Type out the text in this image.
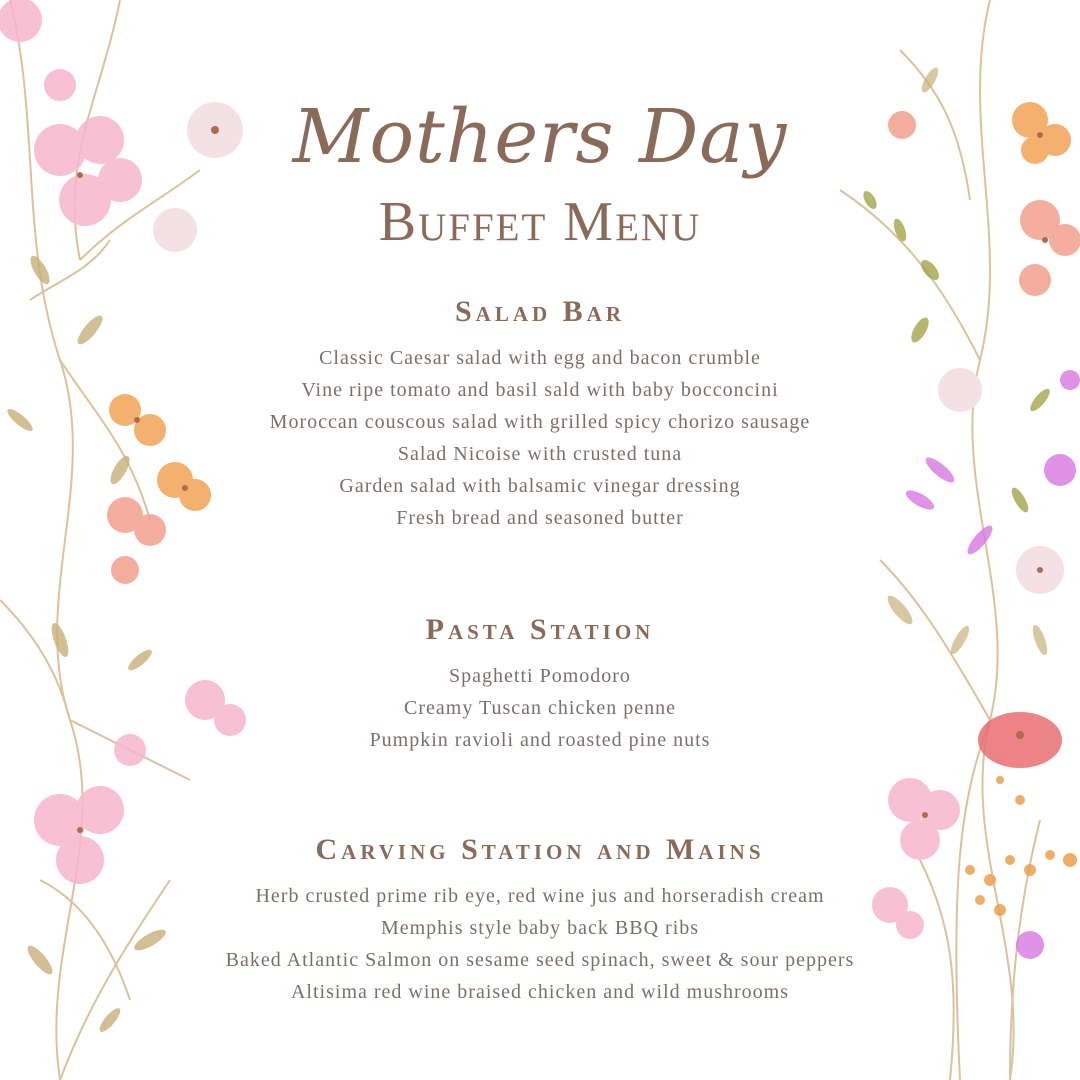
Mothers Day
Buffet Menu
Salad Bar
Classic Caesar salad with egg and bacon crumble
Vine ripe tomato and basil sald with baby bocconcini
Moroccan couscous salad with grilled spicy chorizo sausage
Salad Nicoise with crusted tuna
Garden salad with balsamic vinegar dressing
Fresh bread and seasoned butter
Pasta Station
Spaghetti Pomodoro
Creamy Tuscan chicken penne
Pumpkin ravioli and roasted pine nuts
Carving Station and Mains
Herb crusted prime rib eye, red wine jus and horseradish cream
Memphis style baby back BBQ ribs
Baked Atlantic Salmon on sesame seed spinach, sweet & sour peppers
Altisima red wine braised chicken and wild mushrooms
